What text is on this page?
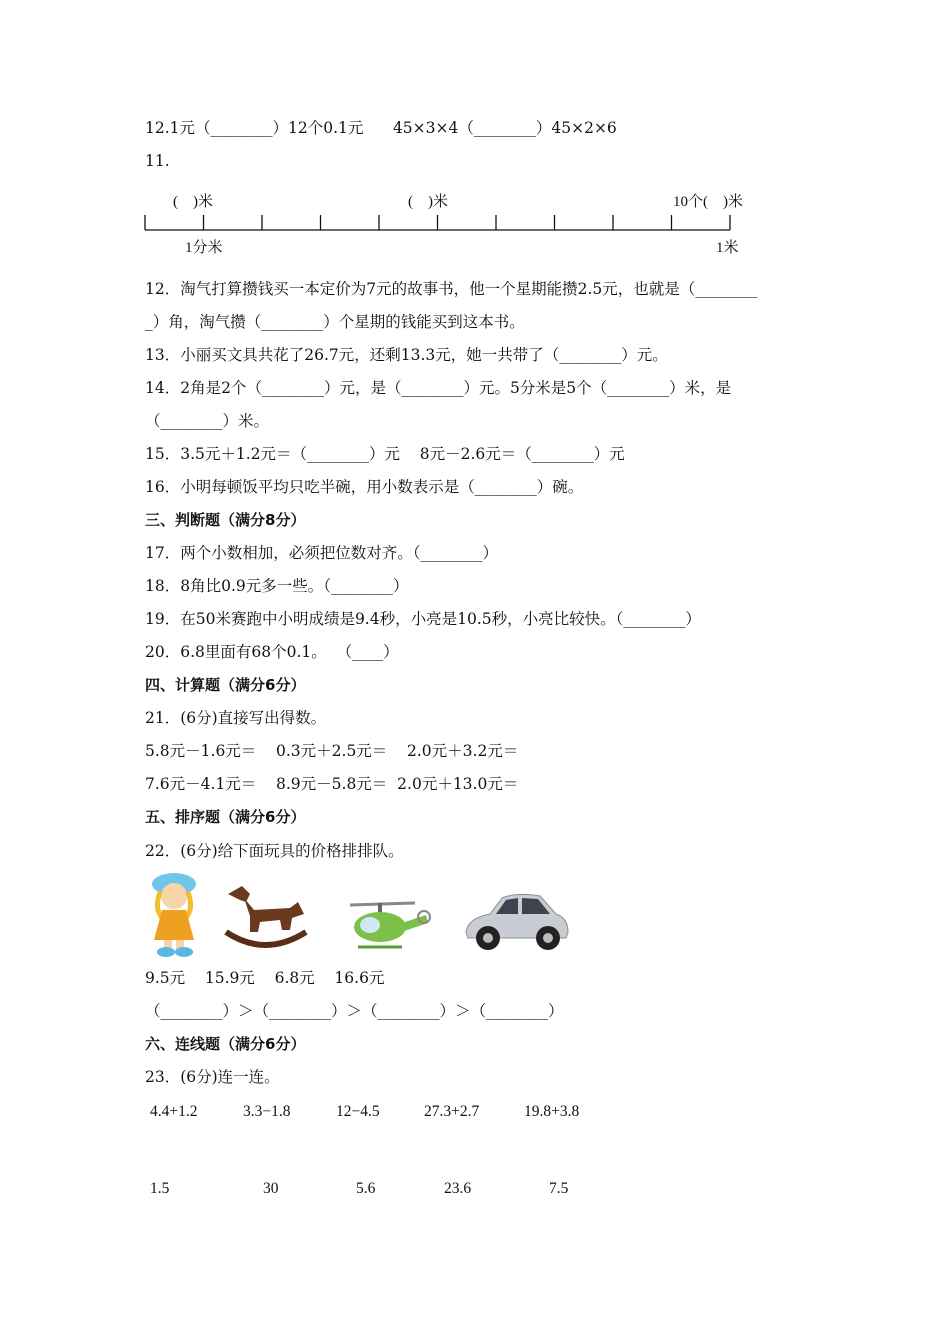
12.1元（________）12个0.1元      45×3×4（________）45×2×6
11.
(    )米	(    )米	10个(    )米
1分米	1米
12．淘气打算攒钱买一本定价为7元的故事书，他一个星期能攒2.5元，也就是（________
_）角，淘气攒（________）个星期的钱能买到这本书。
13．小丽买文具共花了26.7元，还剩13.3元，她一共带了（________）元。
14．2角是2个（________）元，是（________）元。5分米是5个（________）米，是
（________）米。
15．3.5元＋1.2元＝（________）元    8元－2.6元＝（________）元
16．小明每顿饭平均只吃半碗，用小数表示是（________）碗。
三、判断题（满分8分）
17．两个小数相加，必须把位数对齐。（________）
18．8角比0.9元多一些。（________）
19．在50米赛跑中小明成绩是9.4秒，小亮是10.5秒，小亮比较快。（________）
20．6.8里面有68个0.1。  （____）
四、计算题（满分6分）
21．(6分)直接写出得数。
5.8元－1.6元＝    0.3元＋2.5元＝    2.0元＋3.2元＝
7.6元－4.1元＝    8.9元－5.8元＝  2.0元＋13.0元＝
五、排序题（满分6分）
22．(6分)给下面玩具的价格排排队。
9.5元    15.9元    6.8元    16.6元
（________）＞（________）＞（________）＞（________）
六、连线题（满分6分）
23．(6分)连一连。
4.4+1.2	3.3−1.8	12−4.5	27.3+2.7	19.8+3.8
1.5	30	5.6	23.6	7.5
